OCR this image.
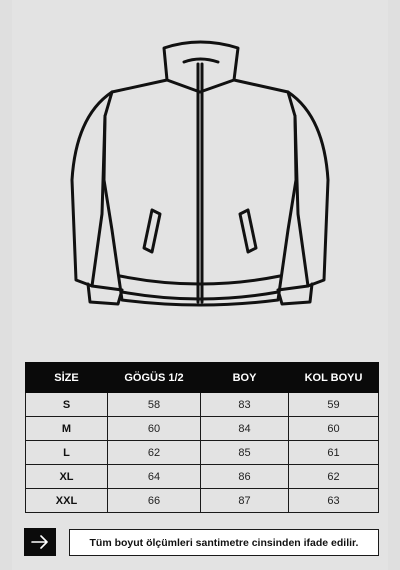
SİZE	GÖGÜS 1/2	BOY	KOL BOYU
S	58	83	59
M	60	84	60
L	62	85	61
XL	64	86	62
XXL	66	87	63
Tüm boyut ölçümleri santimetre cinsinden ifade edilir.
